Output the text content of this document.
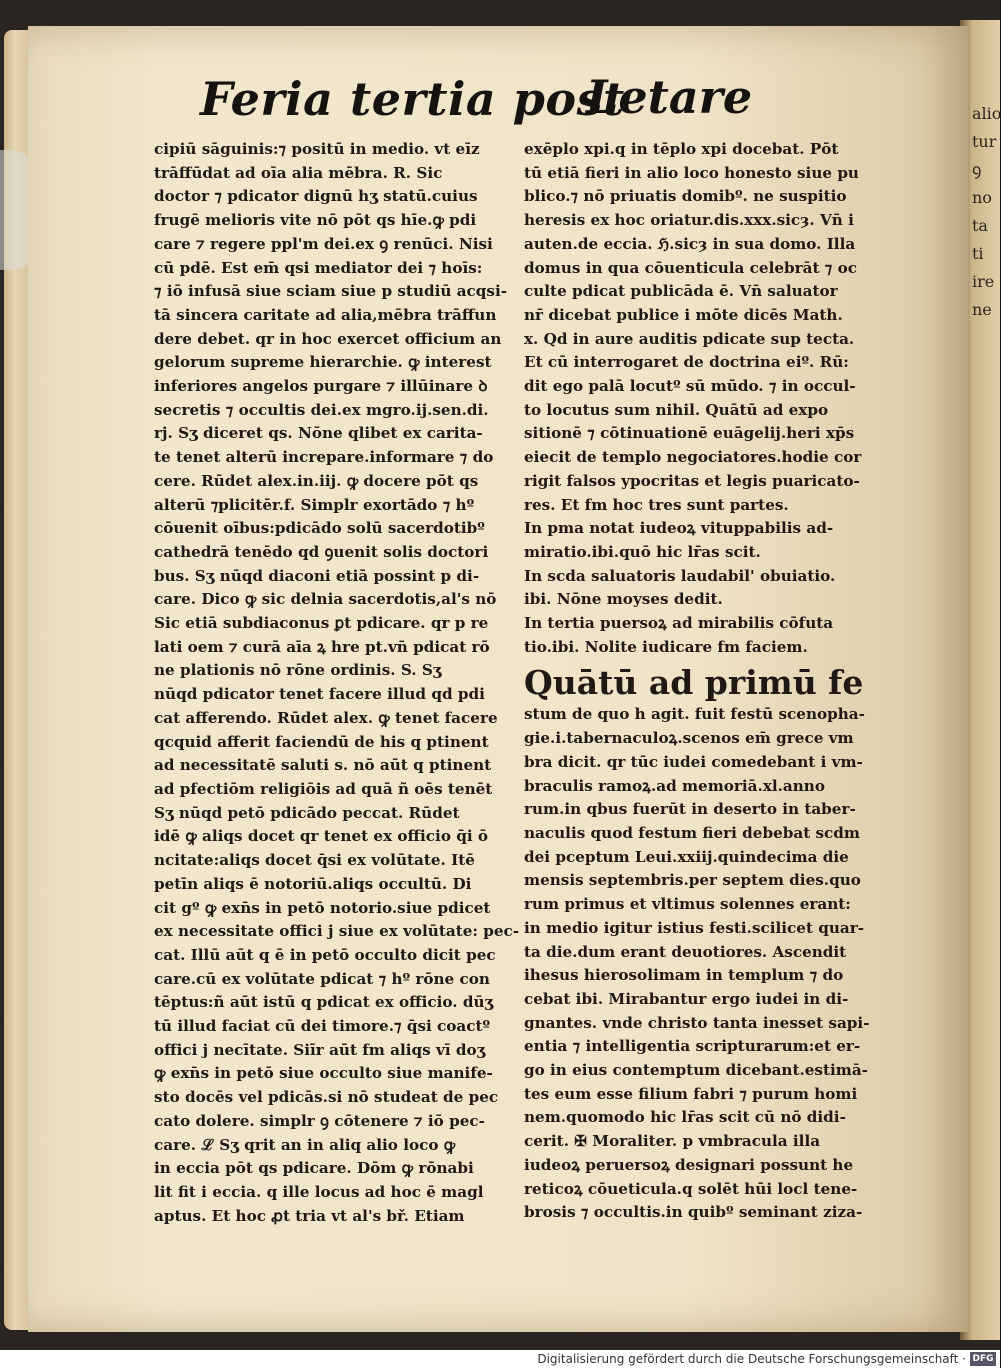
alio
tur
ꝯ
no
ta
ti
ire
ne
Feria tertia post
Letare
cipiū sāguinis:⁊ positū in medio. vt eīz
trāffūdat ad oīa alia mēbra. R. Sic
doctor ⁊ pdicator dignū hʒ statū.cuius
frugē melioris vite nō pōt qs hīe.ꝙ pdi
care ⁊ regere ppl'm dei.ex ꝯ renūci. Nisi
cū pdē. Est em̄ qsi mediator dei ⁊ hoīs:
⁊ iō infusā siue sciam siue p studiū acqsi-
tā sincera caritate ad alia,mēbra trāffun
dere debet. qr in hoc exercet officium an
gelorum supreme hierarchie. ꝙ interest
inferiores angelos purgare ⁊ illūinare ꝺ
secretis ⁊ occultis dei.ex mgro.ij.sen.di.
rj. Sʒ diceret qs. Nōne qlibet ex carita-
te tenet alterū increpare.informare ⁊ do
cere. Rūdet alex.in.iij. ꝙ docere pōt qs
alterū ⁊plicitēr.f. Simplr exortādo ⁊ hº
cōuenit oībus:pdicādo solū sacerdotibº
cathedrā tenēdo qd ꝯuenit solis doctori
bus. Sʒ nūqd diaconi etiā possint p di-
care. Dico ꝙ sic delnia sacerdotis,al's nō
Sic etiā subdiaconus ꝑt pdicare. qr p re
lati oem ⁊ curā aīa ꝝ hre pt.vn̄ pdicat rō
ne plationis nō rōne ordinis. S. Sʒ
nūqd pdicator tenet facere illud qd pdi
cat afferendo. Rūdet alex. ꝙ tenet facere
qcquid afferit faciendū de his q ptinent
ad necessitatē saluti s. nō aūt q ptinent
ad pfectiōm religiōis ad quā ñ oēs tenēt
Sʒ nūqd petō pdicādo peccat. Rūdet
idē ꝙ aliqs docet qr tenet ex officio q̄i ō
ncitate:aliqs docet q̄si ex volūtate. Itē
petīn aliqs ē notoriū.aliqs occultū. Di
cit gº ꝙ exn̄s in petō notorio.siue pdicet
ex necessitate offici j siue ex volūtate: pec-
cat. Illū aūt q ē in petō occulto dicit pec
care.cū ex volūtate pdicat ⁊ hº rōne con
tēptus:ñ aūt istū q pdicat ex officio. dūʒ
tū illud faciat cū dei timore.⁊ q̄si coactº
offici j necītate. Siīr aūt fm aliqs vī doʒ
ꝙ exn̄s in petō siue occulto siue manife-
sto docēs vel pdicās.si nō studeat de pec
cato dolere. simplr ꝯ cōtenere ⁊ iō pec-
care. ℒ Sʒ qrit an in aliq alio loco ꝙ
in eccia pōt qs pdicare. Dōm ꝙ rōnabi
lit fit i eccia. q ille locus ad hoc ē magl
aptus. Et hoc ꝓt tria vt al's bř. Etiam
exēplo xpi.q in tēplo xpi docebat. Pōt
tū etiā fieri in alio loco honesto siue pu
blico.⁊ nō priuatis domibº. ne suspitio
heresis ex hoc oriatur.dis.xxx.sicȝ. Vn̄ i
auten.de eccia. ℌ.sicȝ in sua domo. Illa
domus in qua cōuenticula celebrāt ⁊ oc
culte pdicat publicāda ē. Vn̄ saluator
nr̄ dicebat publice i mōte dicēs Math.
x. Qd in aure auditis pdicate sup tecta.
Et cū interrogaret de doctrina eiº. Rū:
dit ego palā locutº sū mūdo. ⁊ in occul-
to locutus sum nihil. Quātū ad expo
sitionē ⁊ cōtinuationē euāgelij.heri xp̄s
eiecit de templo negociatores.hodie cor
rigit falsos ypocritas et legis puaricato-
res. Et fm hoc tres sunt partes.
In pma notat iudeoꝝ vituppabilis ad-
miratio.ibi.quō hic lr̄as scit.
In scda saluatoris laudabil' obuiatio.
ibi. Nōne moyses dedit.
In tertia puersoꝝ ad mirabilis cōfuta
tio.ibi. Nolite iudicare fm faciem.
Quātū ad primū fe
stum de quo h agit. fuit festū scenopha-
gie.i.tabernaculoꝝ.scenos em̄ grece vm
bra dicit. qr tūc iudei comedebant i vm-
braculis ramoꝝ.ad memoriā.xl.anno
rum.in qbus fuerūt in deserto in taber-
naculis quod festum fieri debebat scdm
dei pceptum Leui.xxiij.quindecima die
mensis septembris.per septem dies.quo
rum primus et vltimus solennes erant:
in medio igitur istius festi.scilicet quar-
ta die.dum erant deuotiores. Ascendit
ihesus hierosolimam in templum ⁊ do
cebat ibi. Mirabantur ergo iudei in di-
gnantes. vnde christo tanta inesset sapi-
entia ⁊ intelligentia scripturarum:et er-
go in eius contemptum dicebant.estimā-
tes eum esse filium fabri ⁊ purum homi
nem.quomodo hic lr̄as scit cū nō didi-
cerit. ✠ Moraliter. p vmbracula illa
iudeoꝝ peruersoꝝ designari possunt he
reticoꝝ cōueticula.q solēt hūi locl tene-
brosis ⁊ occultis.in quibº seminant ziza-
Digitalisierung gefördert durch die Deutsche Forschungsgemeinschaft · DFG
